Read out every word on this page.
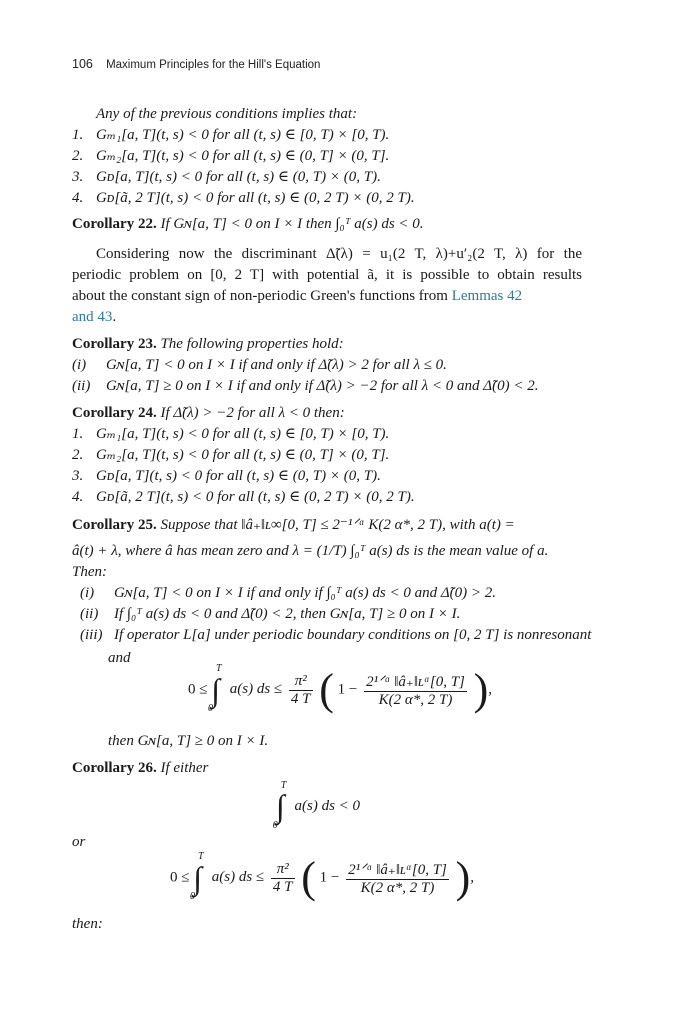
106 Maximum Principles for the Hill's Equation
Any of the previous conditions implies that:
1. Gₘ₁[a, T](t, s) < 0 for all (t, s) ∈ [0, T) × [0, T).
2. Gₘ₂[a, T](t, s) < 0 for all (t, s) ∈ (0, T] × (0, T].
3. Gᴅ[a, T](t, s) < 0 for all (t, s) ∈ (0, T) × (0, T).
4. Gᴅ[ã, 2 T](t, s) < 0 for all (t, s) ∈ (0, 2 T) × (0, 2 T).
Corollary 22. If Gɴ[a, T] < 0 on I × I then ∫₀ᵀ a(s) ds < 0.
Considering now the discriminant Δ̃(λ) = u₁(2 T, λ)+u′₂(2 T, λ) for the
periodic problem on [0, 2 T] with potential ã, it is possible to obtain results
about the constant sign of non-periodic Green's functions from Lemmas 42
and 43.
Corollary 23. The following properties hold:
(i) Gɴ[a, T] < 0 on I × I if and only if Δ̃(λ) > 2 for all λ ≤ 0.
(ii) Gɴ[a, T] ≥ 0 on I × I if and only if Δ̃(λ) > −2 for all λ < 0 and Δ̃(0) < 2.
Corollary 24. If Δ̃(λ) > −2 for all λ < 0 then:
1. Gₘ₁[a, T](t, s) < 0 for all (t, s) ∈ [0, T) × [0, T).
2. Gₘ₂[a, T](t, s) < 0 for all (t, s) ∈ (0, T] × (0, T].
3. Gᴅ[a, T](t, s) < 0 for all (t, s) ∈ (0, T) × (0, T).
4. Gᴅ[ã, 2 T](t, s) < 0 for all (t, s) ∈ (0, 2 T) × (0, 2 T).
Corollary 25. Suppose that ‖â₊‖ʟ∞[0, T] ≤ 2⁻¹ᐟᵅ K(2 α*, 2 T), with a(t) =
â(t) + λ, where â has mean zero and λ = (1/T) ∫₀ᵀ a(s) ds is the mean value of a.
Then:
(i) Gɴ[a, T] < 0 on I × I if and only if ∫₀ᵀ a(s) ds < 0 and Δ̃(0) > 2.
(ii) If ∫₀ᵀ a(s) ds < 0 and Δ̃(0) < 2, then Gɴ[a, T] ≥ 0 on I × I.
(iii) If operator L[a] under periodic boundary conditions on [0, 2 T] is nonresonant
and
0 ≤ ∫T0 a(s) ds ≤ $\frac{\text{π²}}{4 T}$ ( $1 - \frac{\text{2¹ᐟᵅ ‖â₊‖ʟᵅ[0, T]}}{K(2 \alpha*, 2 T)}$ ),
then Gɴ[a, T] ≥ 0 on I × I.
Corollary 26. If either
∫T0 a(s) ds < 0
or
0 ≤ ∫T0 a(s) ds ≤ $\frac{\text{π²}}{4 T}$ ( $1 - \frac{\text{2¹ᐟᵅ ‖â₊‖ʟᵅ[0, T]}}{K(2 \alpha*, 2 T)}$ ),
then:
